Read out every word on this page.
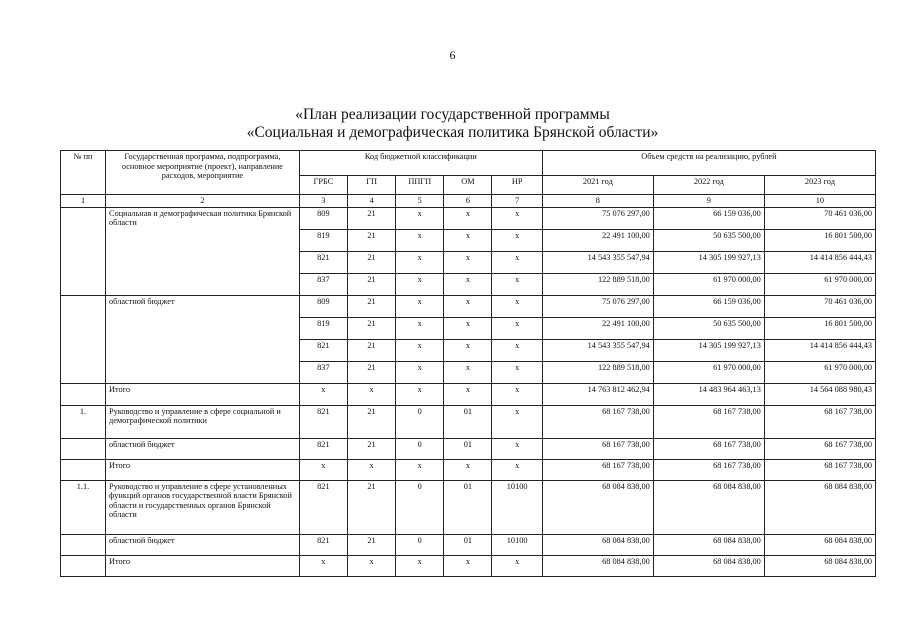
6
«План реализации государственной программы
«Социальная и демографическая политика Брянской области»
№ пп	Государственная программа, подпрограмма, основное мероприятие (проект), направление расходов, мероприятие	Код бюджетной классификации					Объем средств на реализацию, рублей		
		ГРБС	ГП	ППГП	ОМ	НР	2021 год	2022 год	2023 год
1	2	3	4	5	6	7	8	9	10
	Социальная и демографическая политика Брянской области	809	21	х	х	х	75 076 297,00	66 159 036,00	70 461 036,00
		819	21	х	х	х	22 491 100,00	50 635 500,00	16 801 500,00
		821	21	х	х	х	14 543 355 547,94	14 305 199 927,13	14 414 856 444,43
		837	21	х	х	х	122 889 518,00	61 970 000,00	61 970 000,00
	областной бюджет	809	21	х	х	х	75 076 297,00	66 159 036,00	70 461 036,00
		819	21	х	х	х	22 491 100,00	50 635 500,00	16 801 500,00
		821	21	х	х	х	14 543 355 547,94	14 305 199 927,13	14 414 856 444,43
		837	21	х	х	х	122 889 518,00	61 970 000,00	61 970 000,00
	Итого	х	х	х	х	х	14 763 812 462,94	14 483 964 463,13	14 564 088 980,43
1.	Руководство и управление в сфере социальной и демографической политики	821	21	0	01	х	68 167 738,00	68 167 738,00	68 167 738,00
	областной бюджет	821	21	0	01	х	68 167 738,00	68 167 738,00	68 167 738,00
	Итого	х	х	х	х	х	68 167 738,00	68 167 738,00	68 167 738,00
1.1.	Руководство и управление в сфере установленных функций органов государственной власти Брянской области и государственных органов Брянской области	821	21	0	01	10100	68 084 838,00	68 084 838,00	68 084 838,00
	областной бюджет	821	21	0	01	10100	68 084 838,00	68 084 838,00	68 084 838,00
	Итого	х	х	х	х	х	68 084 838,00	68 084 838,00	68 084 838,00
